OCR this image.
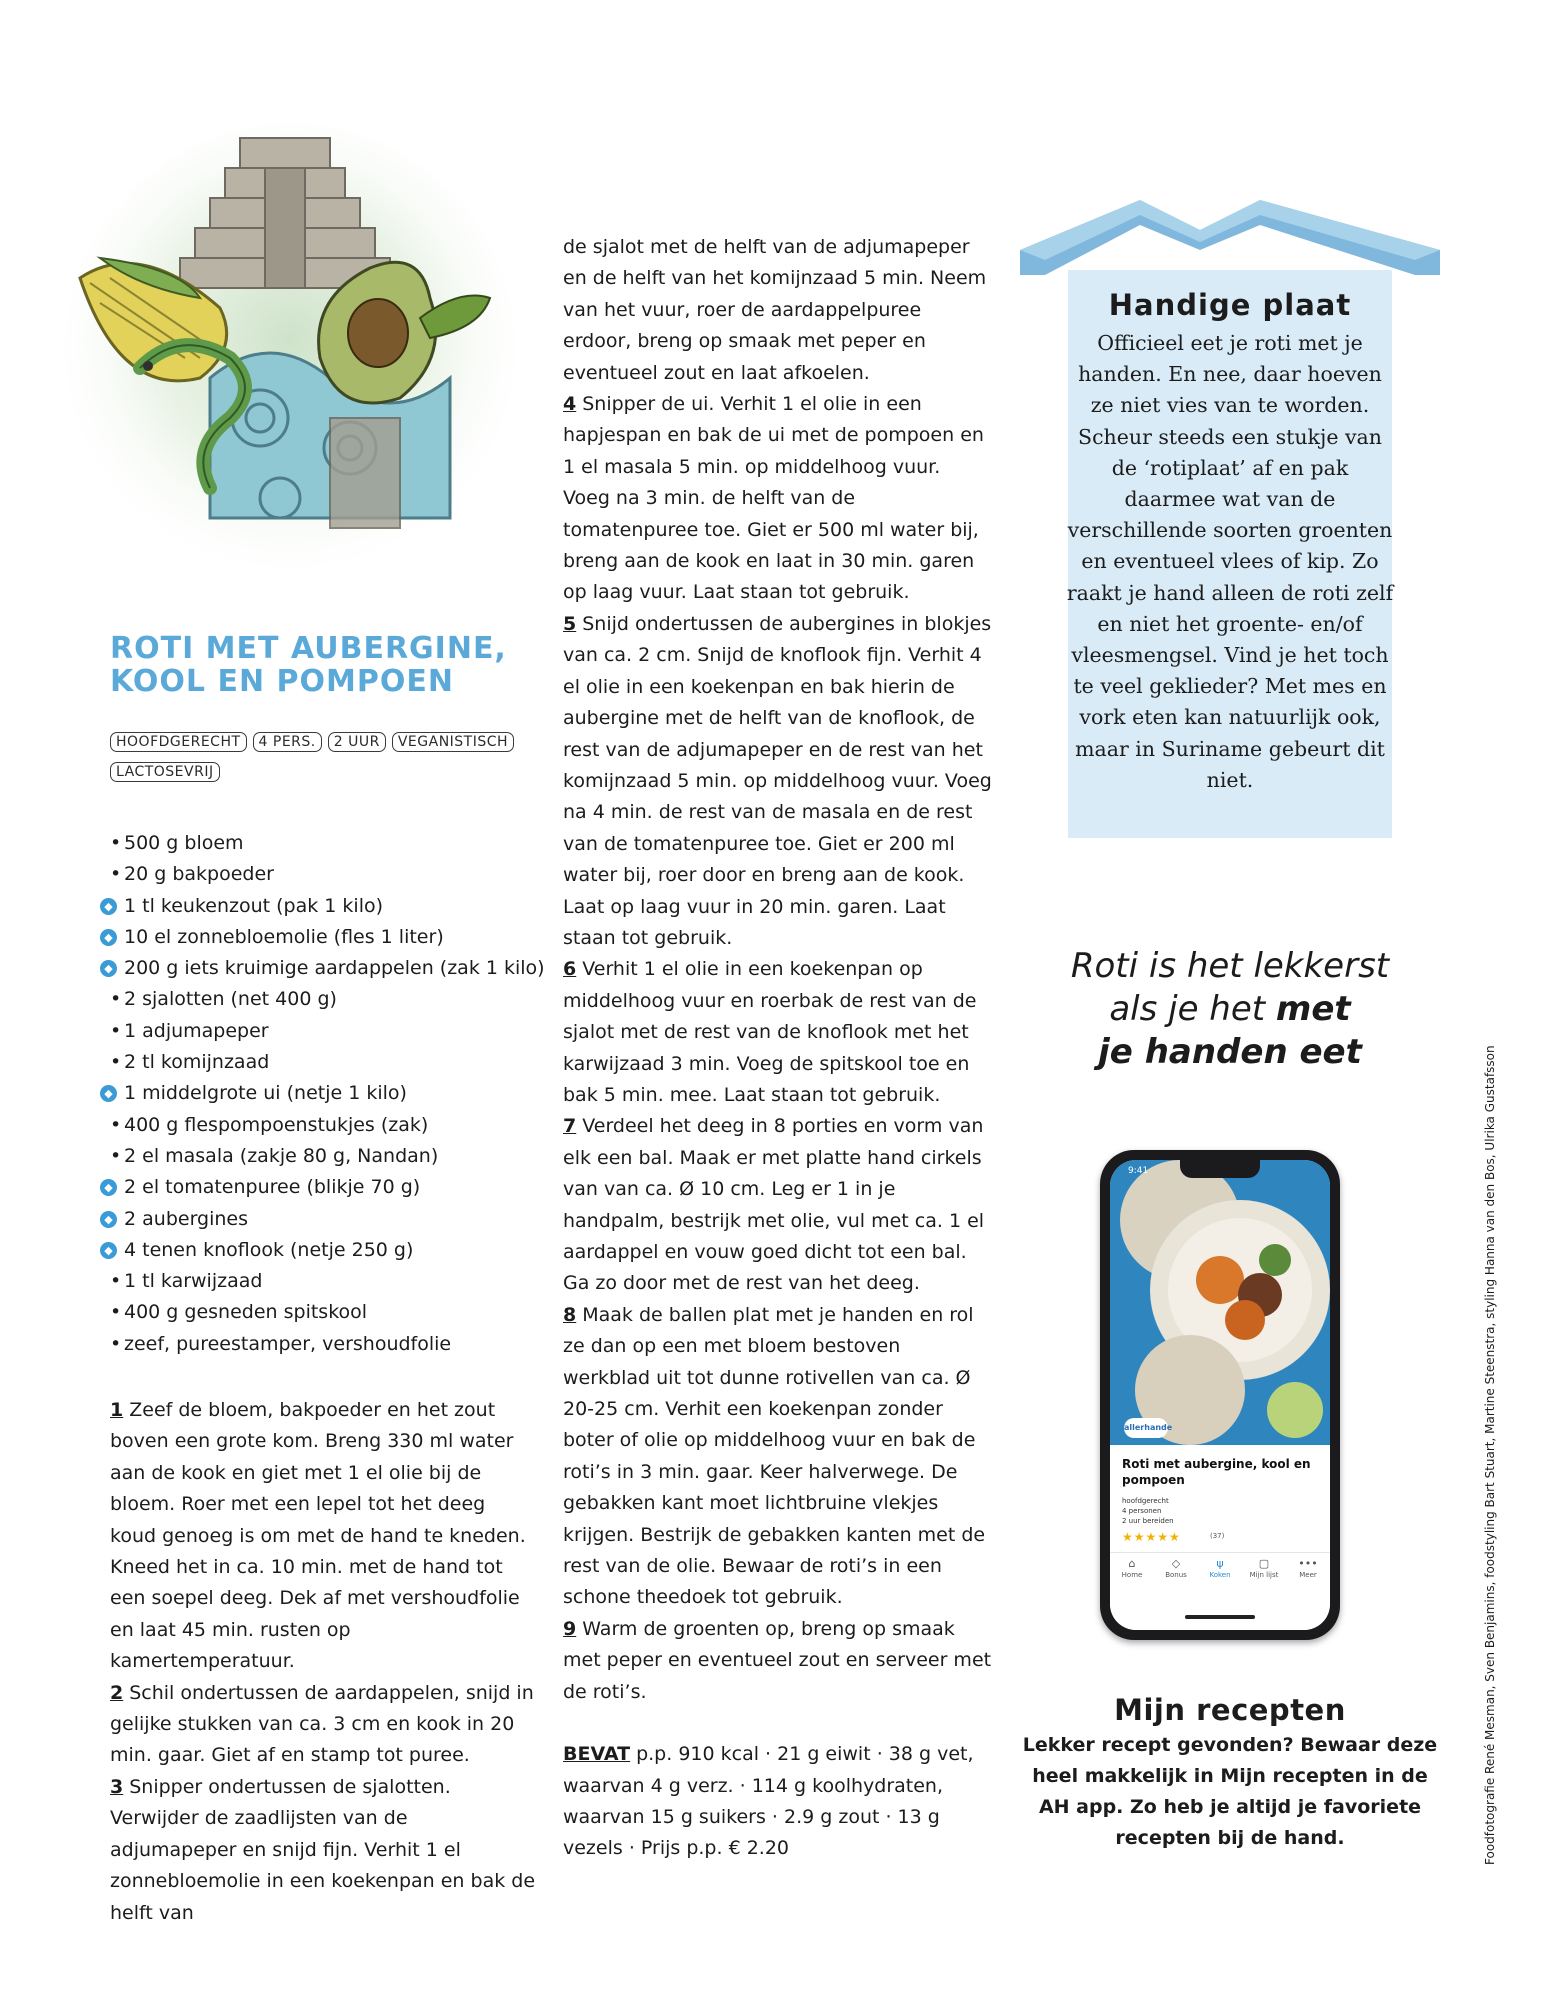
ROTI MET AUBERGINE,
KOOL EN POMPOEN
HOOFDGERECHT	4 PERS.	2 UUR	VEGANISTISCH
LACTOSEVRIJ
• 500 g bloem
• 20 g bakpoeder
◆ 1 tl keukenzout (pak 1 kilo)
◆ 10 el zonnebloemolie (fles 1 liter)
◆ 200 g iets kruimige aardappelen (zak 1 kilo)
• 2 sjalotten (net 400 g)
• 1 adjumapeper
• 2 tl komijnzaad
◆ 1 middelgrote ui (netje 1 kilo)
• 400 g flespompoenstukjes (zak)
• 2 el masala (zakje 80 g, Nandan)
◆ 2 el tomatenpuree (blikje 70 g)
◆ 2 aubergines
◆ 4 tenen knoflook (netje 250 g)
• 1 tl karwijzaad
• 400 g gesneden spitskool
• zeef, pureestamper, vershoudfolie

1 Zeef de bloem, bakpoeder en het zout boven een grote kom. Breng 330 ml water aan de kook en giet met 1 el olie bij de bloem. Roer met een lepel tot het deeg koud genoeg is om met de hand te kneden. Kneed het in ca. 10 min. met de hand tot een soepel deeg. Dek af met vershoudfolie en laat 45 min. rusten op kamertemperatuur.

2 Schil ondertussen de aardappelen, snijd in gelijke stukken van ca. 3 cm en kook in 20 min. gaar. Giet af en stamp tot puree.

3 Snipper ondertussen de sjalotten. Verwijder de zaadlijsten van de adjumapeper en snijd fijn. Verhit 1 el zonnebloemolie in een koekenpan en bak de helft van

de sjalot met de helft van de adjumapeper en de helft van het komijnzaad 5 min. Neem van het vuur, roer de aardappelpuree erdoor, breng op smaak met peper en eventueel zout en laat afkoelen.

4 Snipper de ui. Verhit 1 el olie in een hapjespan en bak de ui met de pompoen en 1 el masala 5 min. op middelhoog vuur. Voeg na 3 min. de helft van de tomatenpuree toe. Giet er 500 ml water bij, breng aan de kook en laat in 30 min. garen op laag vuur. Laat staan tot gebruik.

5 Snijd ondertussen de aubergines in blokjes van ca. 2 cm. Snijd de knoflook fijn. Verhit 4 el olie in een koekenpan en bak hierin de aubergine met de helft van de knoflook, de rest van de adjumapeper en de rest van het komijnzaad 5 min. op middelhoog vuur. Voeg na 4 min. de rest van de masala en de rest van de tomatenpuree toe. Giet er 200 ml water bij, roer door en breng aan de kook. Laat op laag vuur in 20 min. garen. Laat staan tot gebruik.

6 Verhit 1 el olie in een koekenpan op middelhoog vuur en roerbak de rest van de sjalot met de rest van de knoflook met het karwijzaad 3 min. Voeg de spitskool toe en bak 5 min. mee. Laat staan tot gebruik.

7 Verdeel het deeg in 8 porties en vorm van elk een bal. Maak er met platte hand cirkels van van ca. Ø 10 cm. Leg er 1 in je handpalm, bestrijk met olie, vul met ca. 1 el aardappel en vouw goed dicht tot een bal. Ga zo door met de rest van het deeg.

8 Maak de ballen plat met je handen en rol ze dan op een met bloem bestoven werkblad uit tot dunne rotivellen van ca. Ø 20-25 cm. Verhit een koekenpan zonder boter of olie op middelhoog vuur en bak de roti’s in 3 min. gaar. Keer halverwege. De gebakken kant moet lichtbruine vlekjes krijgen. Bestrijk de gebakken kanten met de rest van de olie. Bewaar de roti’s in een schone theedoek tot gebruik.

9 Warm de groenten op, breng op smaak met peper en eventueel zout en serveer met de roti’s.

BEVAT p.p. 910 kcal · 21 g eiwit · 38 g vet, waarvan 4 g verz. · 114 g koolhydraten, waarvan 15 g suikers · 2.9 g zout · 13 g vezels · Prijs p.p. € 2.20

Handige plaat

Officieel eet je roti met je handen. En nee, daar hoeven ze niet vies van te worden. Scheur steeds een stukje van de ‘rotiplaat’ af en pak daarmee wat van de verschillende soorten groenten en eventueel vlees of kip. Zo raakt je hand alleen de roti zelf en niet het groente- en/of vleesmengsel. Vind je het toch te veel geklieder? Met mes en vork eten kan natuurlijk ook, maar in Suriname gebeurt dit niet.

Roti is het lekkerst
als je het met
je handen eet

9:41
allerhande

Roti met aubergine, kool en pompoen

hoofdgerecht
4 personen
2 uur bereiden
★★★★★	(37)
⌂
Home
◇
Bonus
ψ
Koken
▢
Mijn lijst
•••
Meer
Mijn recepten

Lekker recept gevonden? Bewaar deze heel makkelijk in Mijn recepten in de AH app. Zo heb je altijd je favoriete recepten bij de hand.	Foodfotografie René Mesman, Sven Benjamins, foodstyling Bart Stuart, Martine Steenstra, styling Hanna van den Bos, Ulrika Gustafsson
